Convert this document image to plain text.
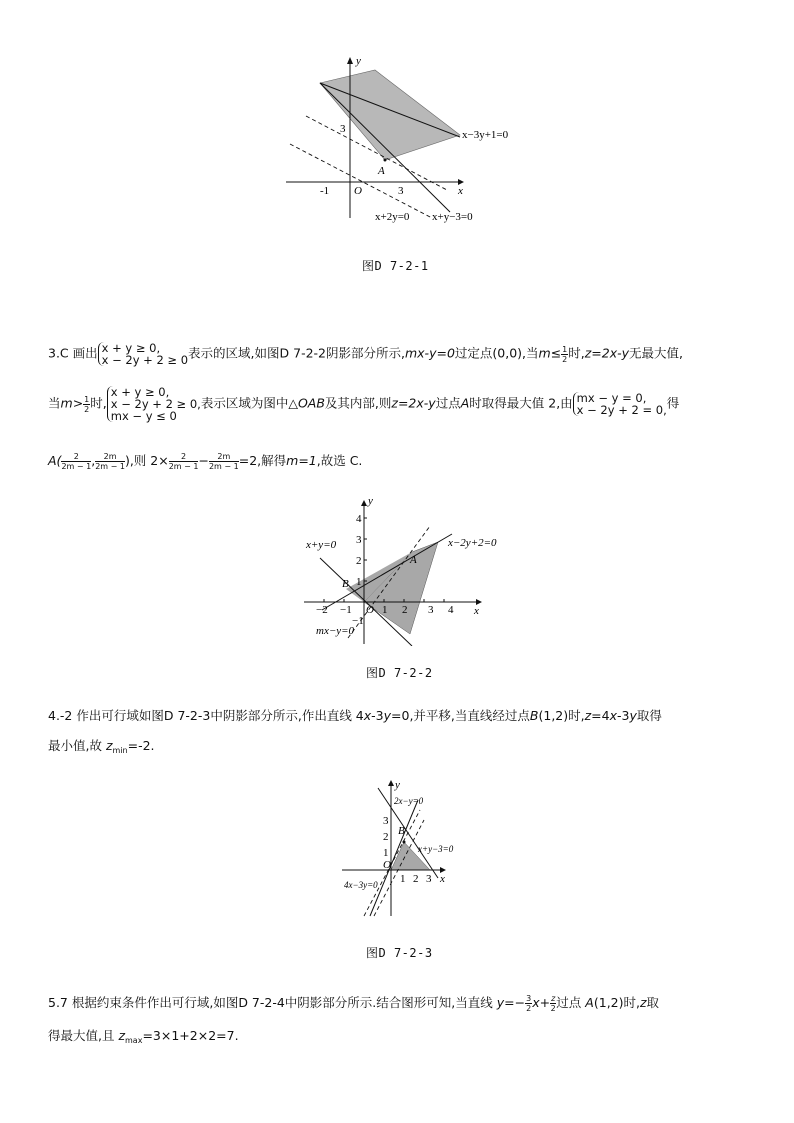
y
x
3
3
-1 O
A
x−3y+1=0
x+2y=0 x+y−3=0
图D 7-2-1
3.C 画出 x + y ≥ 0,
x − 2y + 2 ≥ 0表示的区域,如图D 7-2-2阴影部分所示,mx-y=0过定点(0,0),当$m\le \frac{1}{2}$ 时,z=2x-y无最大值,
当$m> \frac{1}{2}$ 时,x + y ≥ 0,
x − 2y + 2 ≥ 0,
mx − y ≤ 0表示区域为图中△OAB及其内部,则z=2x-y过点A时取得最大值 2,由 mx − y = 0,
x − 2y + 2 = 0,得
$A( \frac{2}{2m - 1}$ , $\frac{2m}{2m - 1}$ ),则 $2\times \frac{2}{2m - 1} - \frac{2m}{2m - 1} =2$,解得m=1,故选 C.
−2 −1	1 2 3 4
4
3
2
1
−1
y
x
O
A
B
x+y=0	x−2y+2=0
mx−y=0
图D 7-2-2
4.-2 作出可行域如图D 7-2-3中阴影部分所示,作出直线 4x-3y=0,并平移,当直线经过点B(1,2)时,z=4x-3y取得
最小值,故 $z_{min}=-2$.
1 2 3
3
2
1
y
x
O
B
2x−y=0
x+y−3=0
4x−3y=0
图D 7-2-3
5.7 根据约束条件作出可行域,如图D 7-2-4中阴影部分所示.结合图形可知,当直线 $y=- \frac{3}{2} x+ \frac{z}{2}$ 过点 A(1,2)时,z取
得最大值,且 $z_{max}=3\times 1+2\times 2=7$.
